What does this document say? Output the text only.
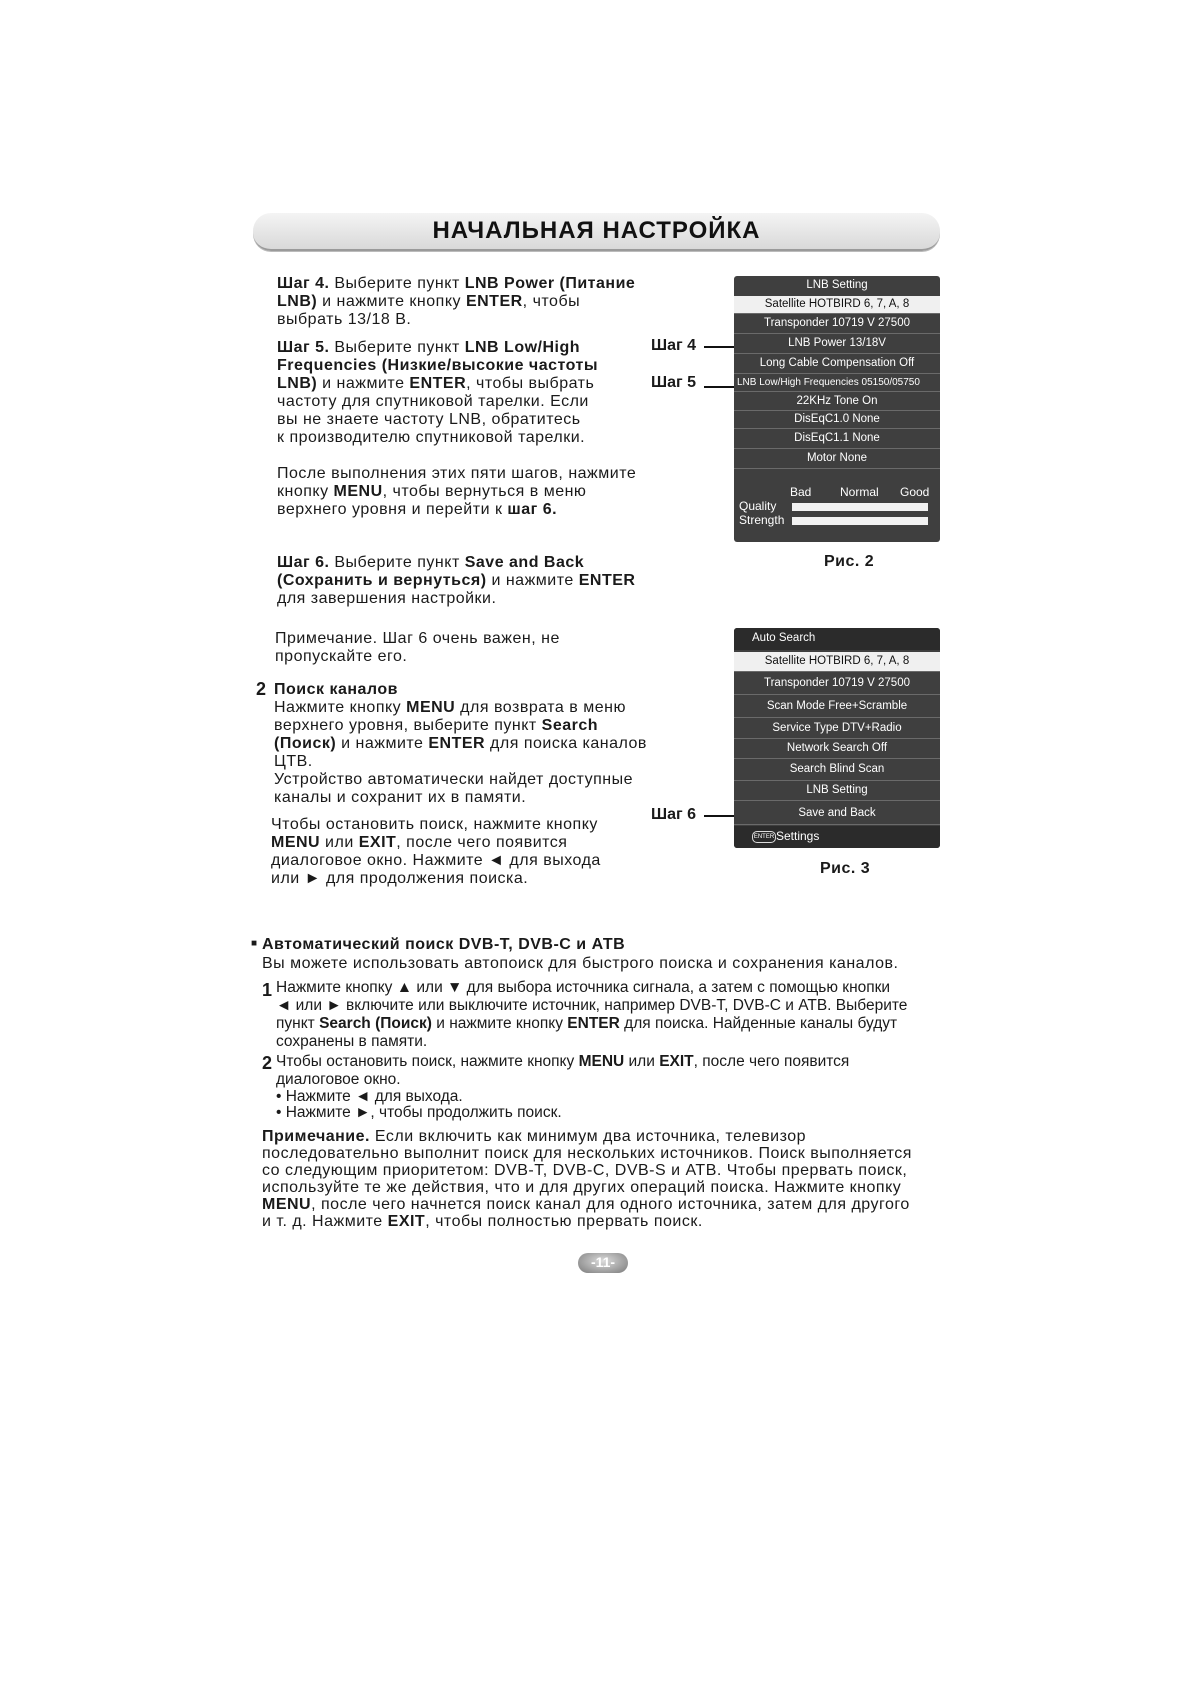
НАЧАЛЬНАЯ НАСТРОЙКА
Шаг 4. Выберите пункт LNB Power (Питание
LNB) и нажмите кнопку ENTER, чтобы
выбрать 13/18 В.
Шаг 5. Выберите пункт LNB Low/High
Frequencies (Низкие/высокие частоты
LNB) и нажмите ENTER, чтобы выбрать
частоту для спутниковой тарелки. Если
вы не знаете частоту LNB, обратитесь
к производителю спутниковой тарелки.
После выполнения этих пяти шагов, нажмите
кнопку MENU, чтобы вернуться в меню
верхнего уровня и перейти к шаг 6.
Шаг 6. Выберите пункт Save and Back
(Сохранить и вернуться) и нажмите ENTER
для завершения настройки.
Примечание. Шаг 6 очень важен, не
пропускайте его.
2 Поиск каналов
Нажмите кнопку MENU для возврата в меню
верхнего уровня, выберите пункт Search
(Поиск) и нажмите ENTER для поиска каналов
ЦТВ.
Устройство автоматически найдет доступные
каналы и сохранит их в памяти.
Чтобы остановить поиск, нажмите кнопку
MENU или EXIT, после чего появится
диалоговое окно. Нажмите ◄ для выхода
или ► для продолжения поиска.
Шаг 4
Шаг 5
Шаг 6
LNB Setting
Satellite HOTBIRD 6, 7, A, 8
Transponder 10719 V 27500
LNB Power 13/18V
Long Cable Compensation Off
LNB Low/High Frequencies 05150/05750
22KHz Tone On
DisEqC1.0 None
DisEqC1.1 None
Motor None
Bad Normal Good
Quality
Strength
Рис. 2
Auto Search
Satellite HOTBIRD 6, 7, A, 8
Transponder 10719 V 27500
Scan Mode Free+Scramble
Service Type DTV+Radio
Network Search Off
Search Blind Scan
LNB Setting
Save and Back
ENTER Settings
Рис. 3
■ Автоматический поиск DVB-T, DVB-C и АТВ
Вы можете использовать автопоиск для быстрого поиска и сохранения каналов.
1 Нажмите кнопку ▲ или ▼ для выбора источника сигнала, а затем с помощью кнопки
◄ или ► включите или выключите источник, например DVB-T, DVB-C и АТВ. Выберите
пункт Search (Поиск) и нажмите кнопку ENTER для поиска. Найденные каналы будут
сохранены в памяти.
2 Чтобы остановить поиск, нажмите кнопку MENU или EXIT, после чего появится
диалоговое окно.
• Нажмите ◄ для выхода.
• Нажмите ►, чтобы продолжить поиск.
Примечание. Если включить как минимум два источника, телевизор
последовательно выполнит поиск для нескольких источников. Поиск выполняется
со следующим приоритетом: DVB-T, DVB-C, DVB-S и АТВ. Чтобы прервать поиск,
используйте те же действия, что и для других операций поиска. Нажмите кнопку
MENU, после чего начнется поиск канал для одного источника, затем для другого
и т. д. Нажмите EXIT, чтобы полностью прервать поиск.
-11-
